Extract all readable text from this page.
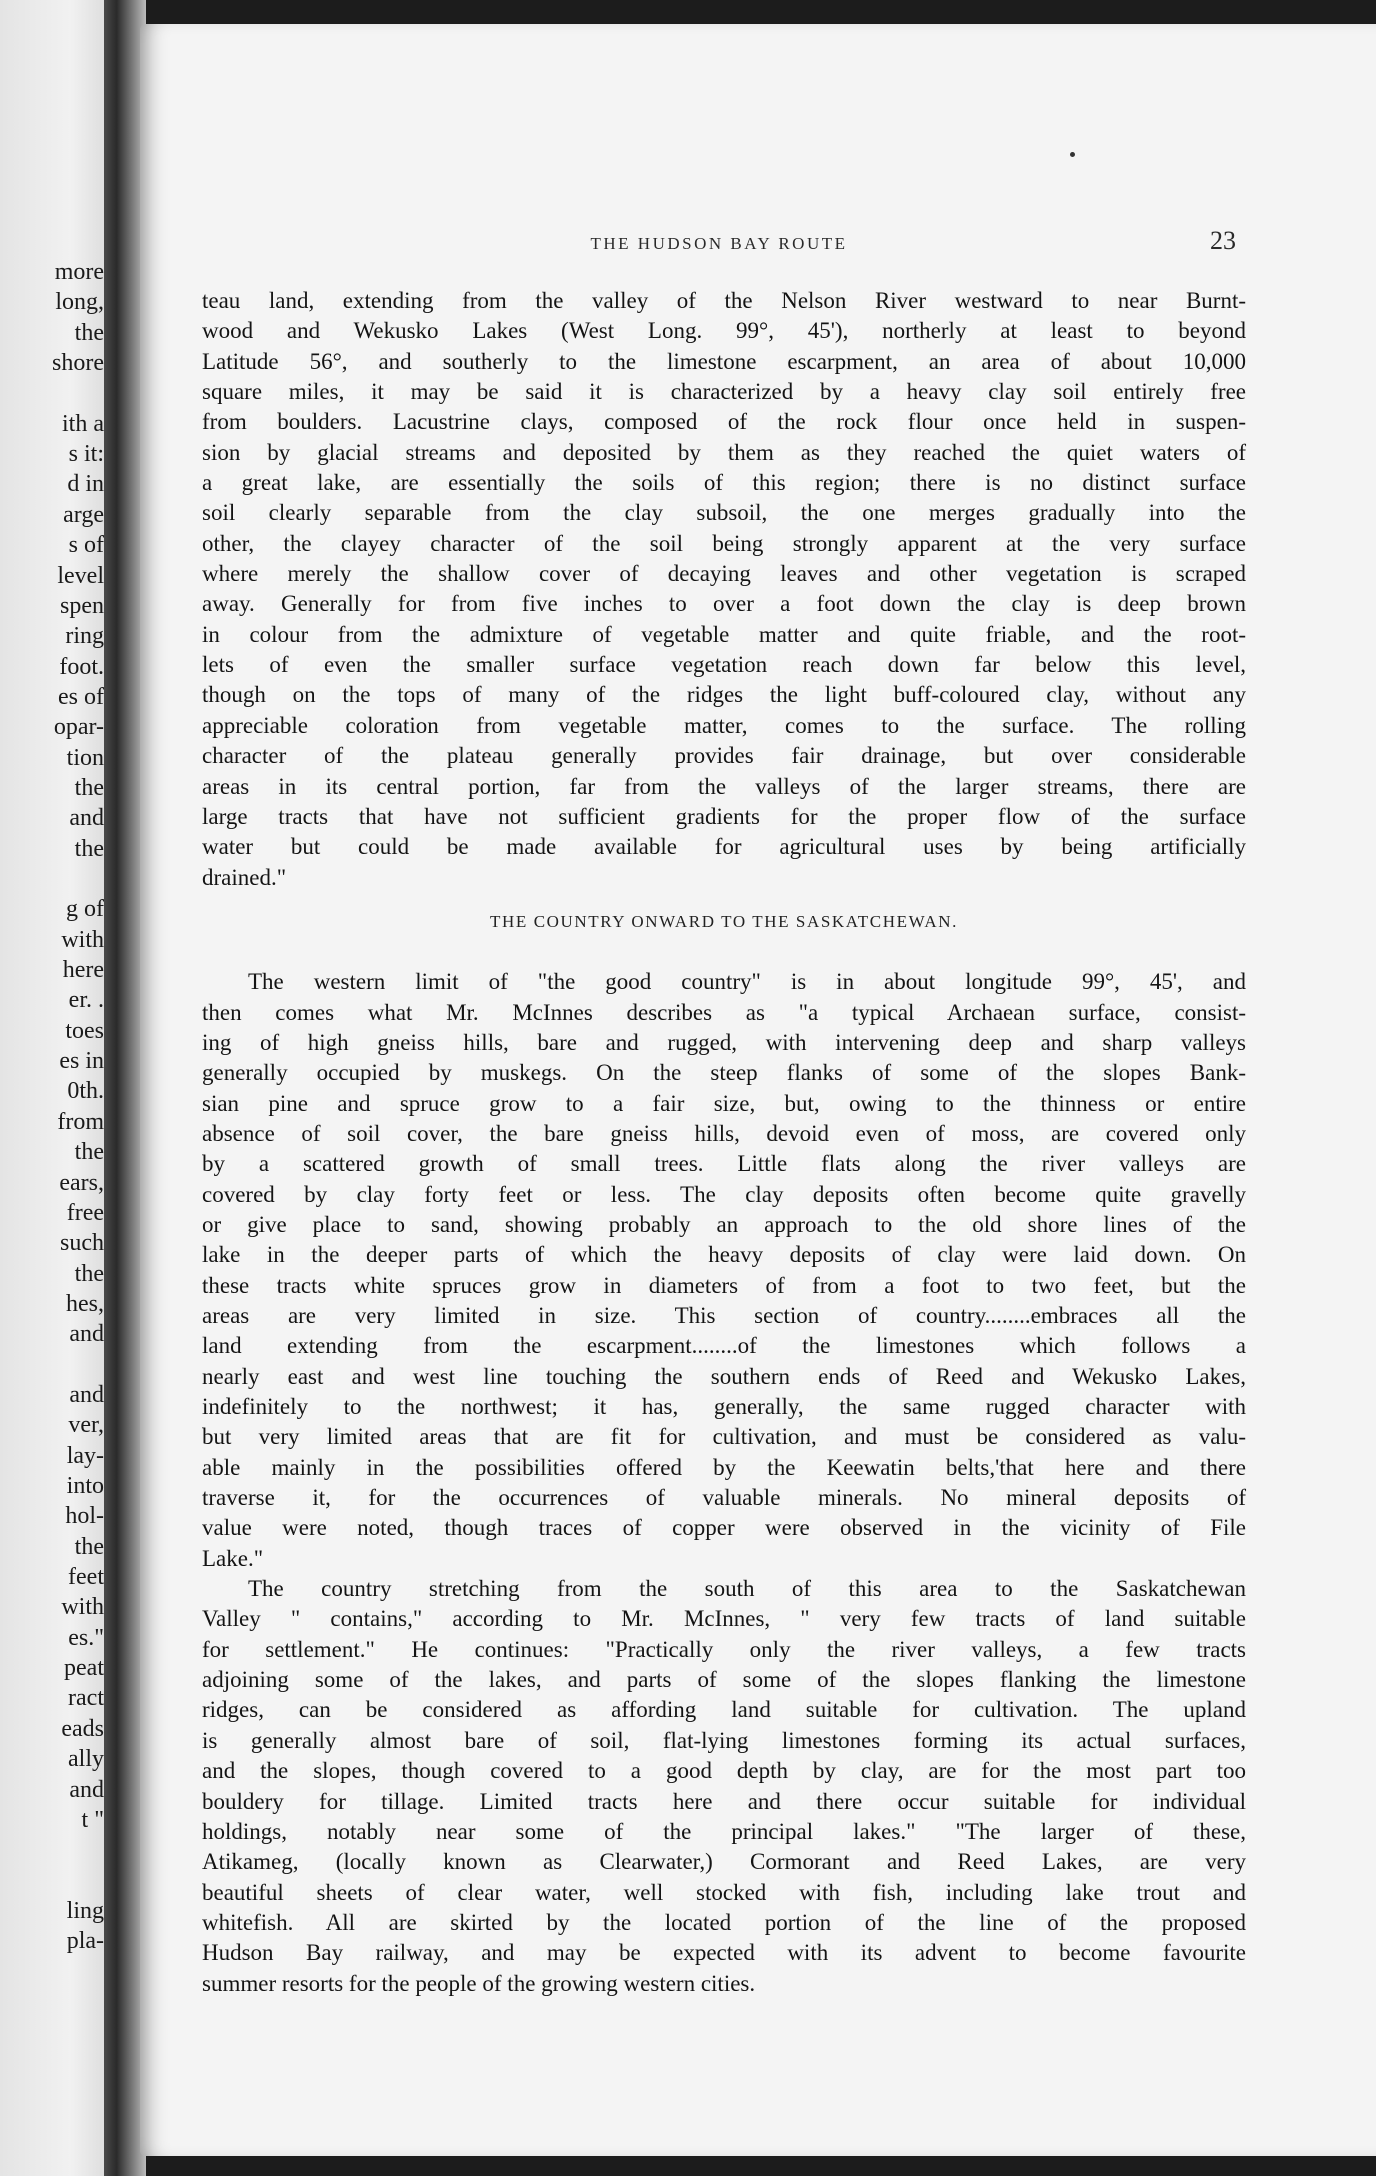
more
long,
the
shore
ith a
s it:
d in
arge
s of
level
spen
ring
foot.
es of
opar-
tion
the
and
the
g of
with
here
er. .
toes
es in
0th.
from
the
ears,
free
such
the
hes,
and
and
ver,
lay-
into
hol-
the
feet
with
es."
peat
ract
eads
ally
and
t "
ling
pla-
THE HUDSON BAY ROUTE	23
teau land, extending from the valley of the Nelson River westward to near Burnt-
wood and Wekusko Lakes (West Long. 99°, 45'), northerly at least to beyond
Latitude 56°, and southerly to the limestone escarpment, an area of about 10,000
square miles, it may be said it is characterized by a heavy clay soil entirely free
from boulders. Lacustrine clays, composed of the rock flour once held in suspen-
sion by glacial streams and deposited by them as they reached the quiet waters of
a great lake, are essentially the soils of this region; there is no distinct surface
soil clearly separable from the clay subsoil, the one merges gradually into the
other, the clayey character of the soil being strongly apparent at the very surface
where merely the shallow cover of decaying leaves and other vegetation is scraped
away. Generally for from five inches to over a foot down the clay is deep brown
in colour from the admixture of vegetable matter and quite friable, and the root-
lets of even the smaller surface vegetation reach down far below this level,
though on the tops of many of the ridges the light buff-coloured clay, without any
appreciable coloration from vegetable matter, comes to the surface. The rolling
character of the plateau generally provides fair drainage, but over considerable
areas in its central portion, far from the valleys of the larger streams, there are
large tracts that have not sufficient gradients for the proper flow of the surface
water but could be made available for agricultural uses by being artificially
drained."
THE COUNTRY ONWARD TO THE SASKATCHEWAN.
The western limit of "the good country" is in about longitude 99°, 45', and
then comes what Mr. McInnes describes as "a typical Archaean surface, consist-
ing of high gneiss hills, bare and rugged, with intervening deep and sharp valleys
generally occupied by muskegs. On the steep flanks of some of the slopes Bank-
sian pine and spruce grow to a fair size, but, owing to the thinness or entire
absence of soil cover, the bare gneiss hills, devoid even of moss, are covered only
by a scattered growth of small trees. Little flats along the river valleys are
covered by clay forty feet or less. The clay deposits often become quite gravelly
or give place to sand, showing probably an approach to the old shore lines of the
lake in the deeper parts of which the heavy deposits of clay were laid down. On
these tracts white spruces grow in diameters of from a foot to two feet, but the
areas are very limited in size. This section of country........embraces all the
land extending from the escarpment........of the limestones which follows a
nearly east and west line touching the southern ends of Reed and Wekusko Lakes,
indefinitely to the northwest; it has, generally, the same rugged character with
but very limited areas that are fit for cultivation, and must be considered as valu-
able mainly in the possibilities offered by the Keewatin belts,'that here and there
traverse it, for the occurrences of valuable minerals. No mineral deposits of
value were noted, though traces of copper were observed in the vicinity of File
Lake."
The country stretching from the south of this area to the Saskatchewan
Valley " contains," according to Mr. McInnes, " very few tracts of land suitable
for settlement." He continues: "Practically only the river valleys, a few tracts
adjoining some of the lakes, and parts of some of the slopes flanking the limestone
ridges, can be considered as affording land suitable for cultivation. The upland
is generally almost bare of soil, flat-lying limestones forming its actual surfaces,
and the slopes, though covered to a good depth by clay, are for the most part too
bouldery for tillage. Limited tracts here and there occur suitable for individual
holdings, notably near some of the principal lakes." "The larger of these,
Atikameg, (locally known as Clearwater,) Cormorant and Reed Lakes, are very
beautiful sheets of clear water, well stocked with fish, including lake trout and
whitefish. All are skirted by the located portion of the line of the proposed
Hudson Bay railway, and may be expected with its advent to become favourite
summer resorts for the people of the growing western cities.
